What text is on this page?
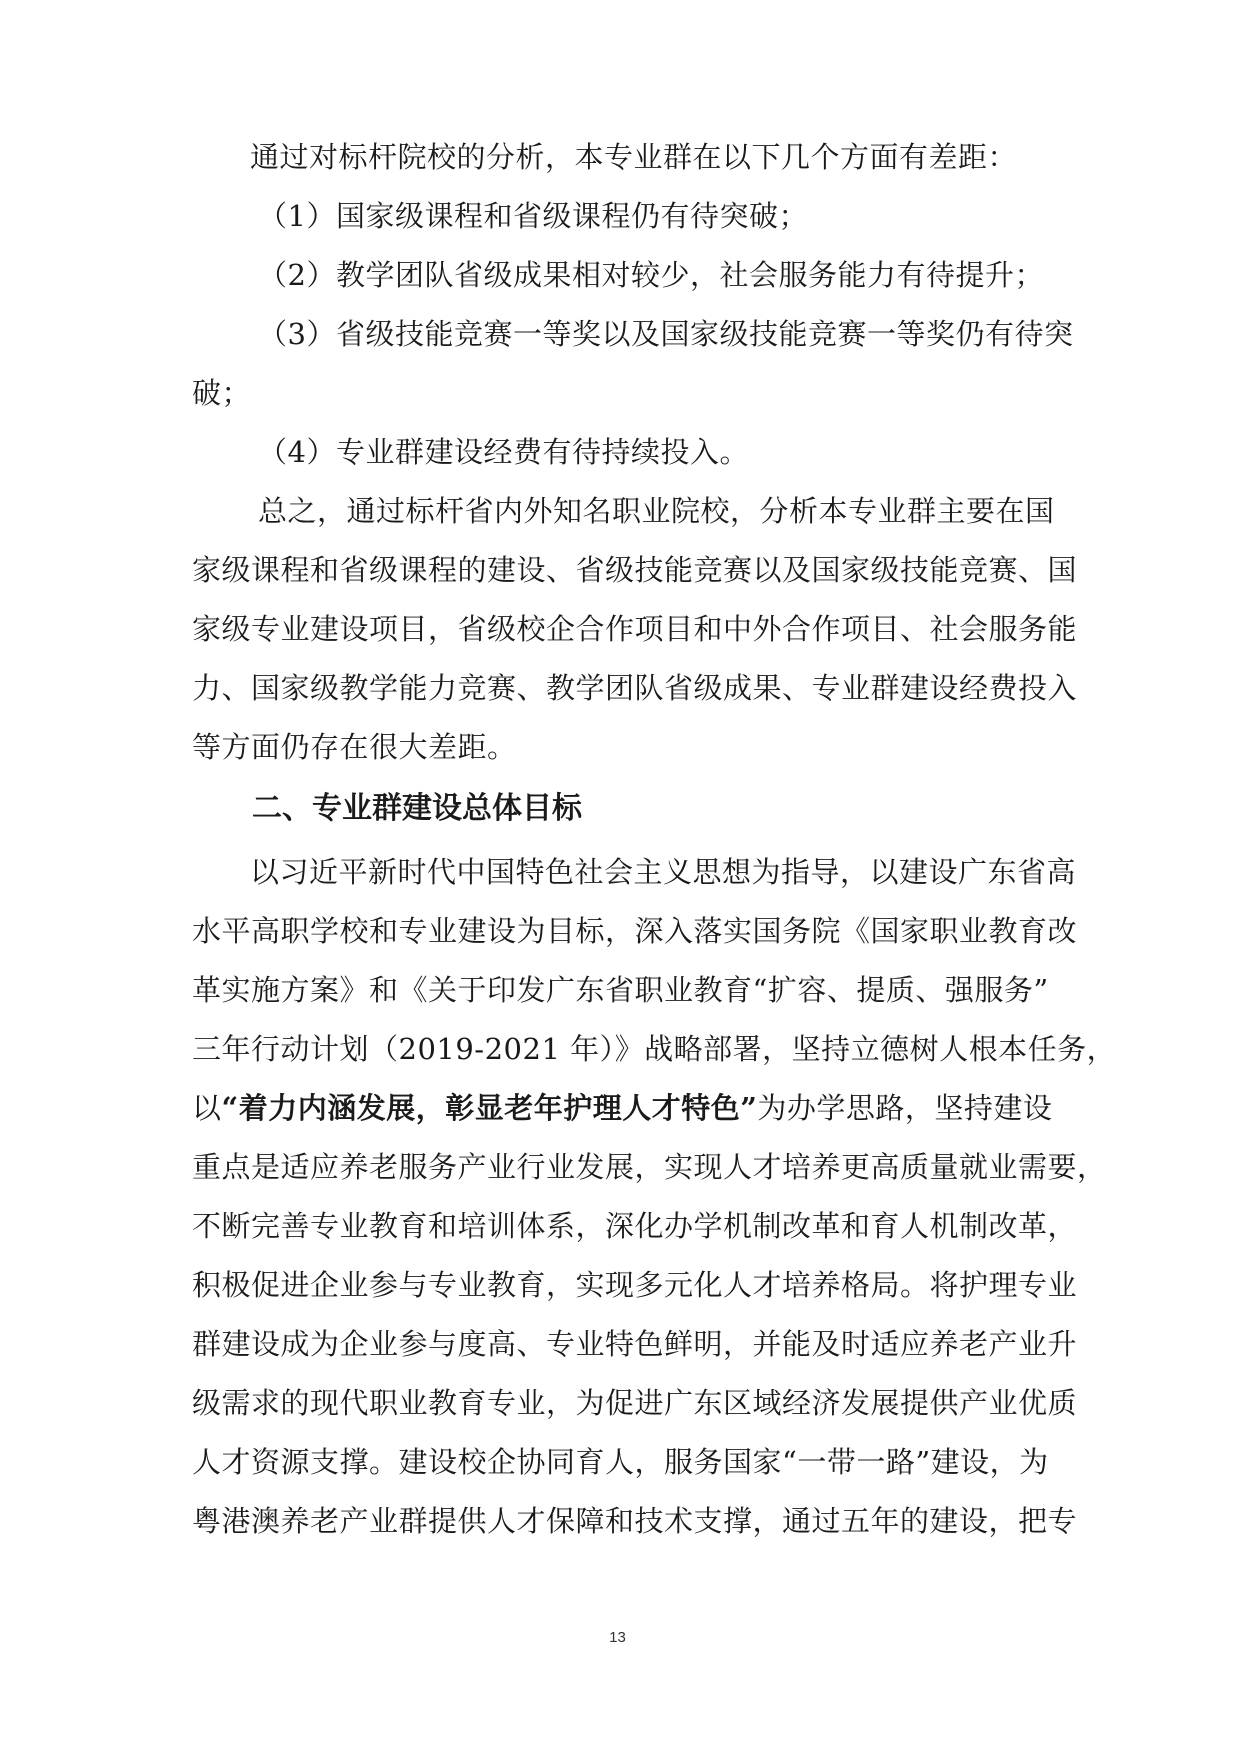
通过对标杆院校的分析，本专业群在以下几个方面有差距：

（1）国家级课程和省级课程仍有待突破；

（2）教学团队省级成果相对较少，社会服务能力有待提升；

（3）省级技能竞赛一等奖以及国家级技能竞赛一等奖仍有待突

破；

（4）专业群建设经费有待持续投入。

总之，通过标杆省内外知名职业院校，分析本专业群主要在国

家级课程和省级课程的建设、省级技能竞赛以及国家级技能竞赛、国

家级专业建设项目，省级校企合作项目和中外合作项目、社会服务能

力、国家级教学能力竞赛、教学团队省级成果、专业群建设经费投入

等方面仍存在很大差距。

二、专业群建设总体目标

以习近平新时代中国特色社会主义思想为指导，以建设广东省高

水平高职学校和专业建设为目标，深入落实国务院《国家职业教育改

革实施方案》和《关于印发广东省职业教育“扩容、提质、强服务”

三年行动计划（2019-2021 年）》战略部署，坚持立德树人根本任务，

以“着力内涵发展，彰显老年护理人才特色”为办学思路，坚持建设

重点是适应养老服务产业行业发展，实现人才培养更高质量就业需要，

不断完善专业教育和培训体系，深化办学机制改革和育人机制改革，

积极促进企业参与专业教育，实现多元化人才培养格局。将护理专业

群建设成为企业参与度高、专业特色鲜明，并能及时适应养老产业升

级需求的现代职业教育专业，为促进广东区域经济发展提供产业优质

人才资源支撑。建设校企协同育人，服务国家“一带一路”建设，为

粤港澳养老产业群提供人才保障和技术支撑，通过五年的建设，把专

13
